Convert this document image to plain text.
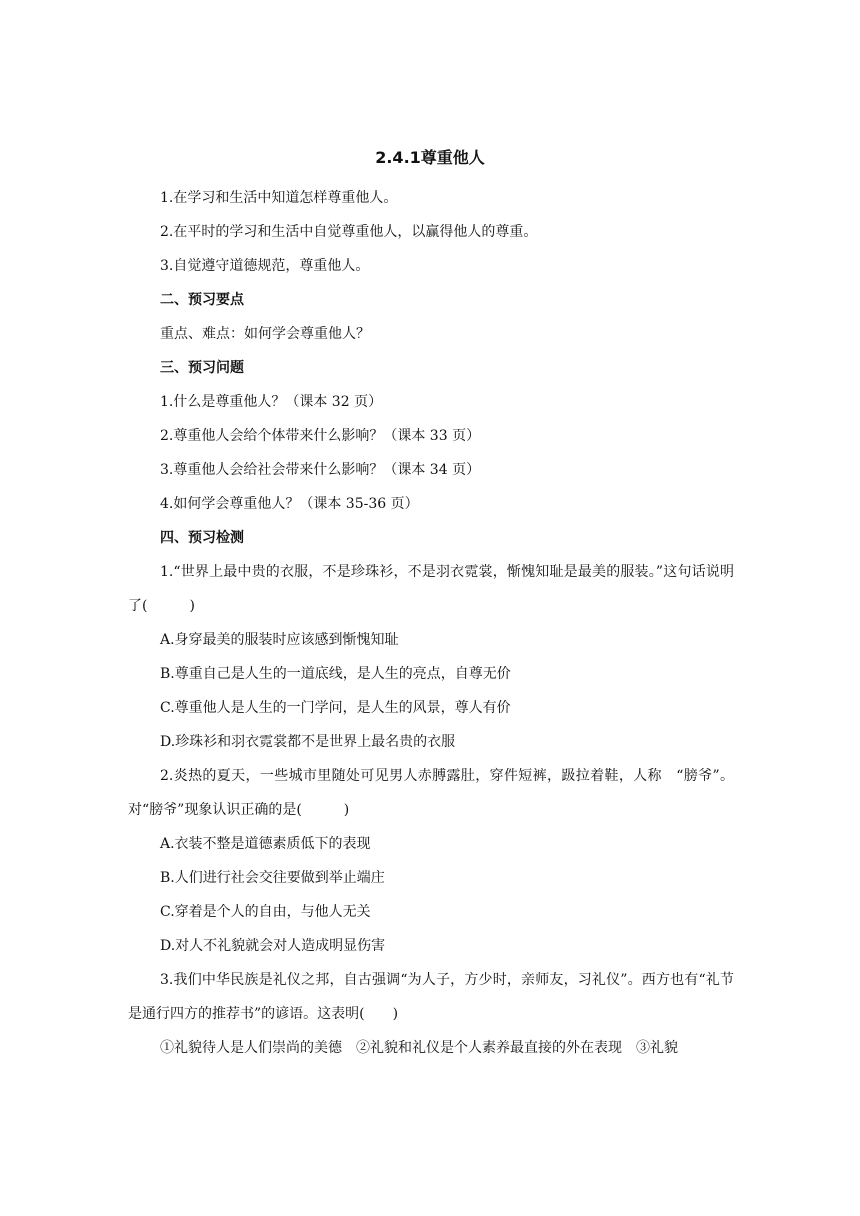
2.4.1尊重他人

1.在学习和生活中知道怎样尊重他人。

2.在平时的学习和生活中自觉尊重他人，以赢得他人的尊重。

3.自觉遵守道德规范，尊重他人。

二、预习要点

重点、难点：如何学会尊重他人？

三、预习问题

1.什么是尊重他人？（课本 32 页）

2.尊重他人会给个体带来什么影响？（课本 33 页）

3.尊重他人会给社会带来什么影响？（课本 34 页）

4.如何学会尊重他人？（课本 35-36 页）

四、预习检测

1.“世界上最中贵的衣服，不是珍珠衫，不是羽衣霓裳，惭愧知耻是最美的服装。”这句话说明了(　　　)

A.身穿最美的服装时应该感到惭愧知耻

B.尊重自己是人生的一道底线，是人生的亮点，自尊无价

C.尊重他人是人生的一门学问，是人生的风景，尊人有价

D.珍珠衫和羽衣霓裳都不是世界上最名贵的衣服

2.炎热的夏天，一些城市里随处可见男人赤膊露肚，穿件短裤，趿拉着鞋，人称　“膀爷”。对“膀爷”现象认识正确的是(　　　)

A.衣装不整是道德素质低下的表现

B.人们进行社会交往要做到举止端庄

C.穿着是个人的自由，与他人无关

D.对人不礼貌就会对人造成明显伤害

3.我们中华民族是礼仪之邦，自古强调“为人子，方少时，亲师友，习礼仪”。西方也有“礼节是通行四方的推荐书”的谚语。这表明(　　)

①礼貌待人是人们崇尚的美德　②礼貌和礼仪是个人素养最直接的外在表现　③礼貌
